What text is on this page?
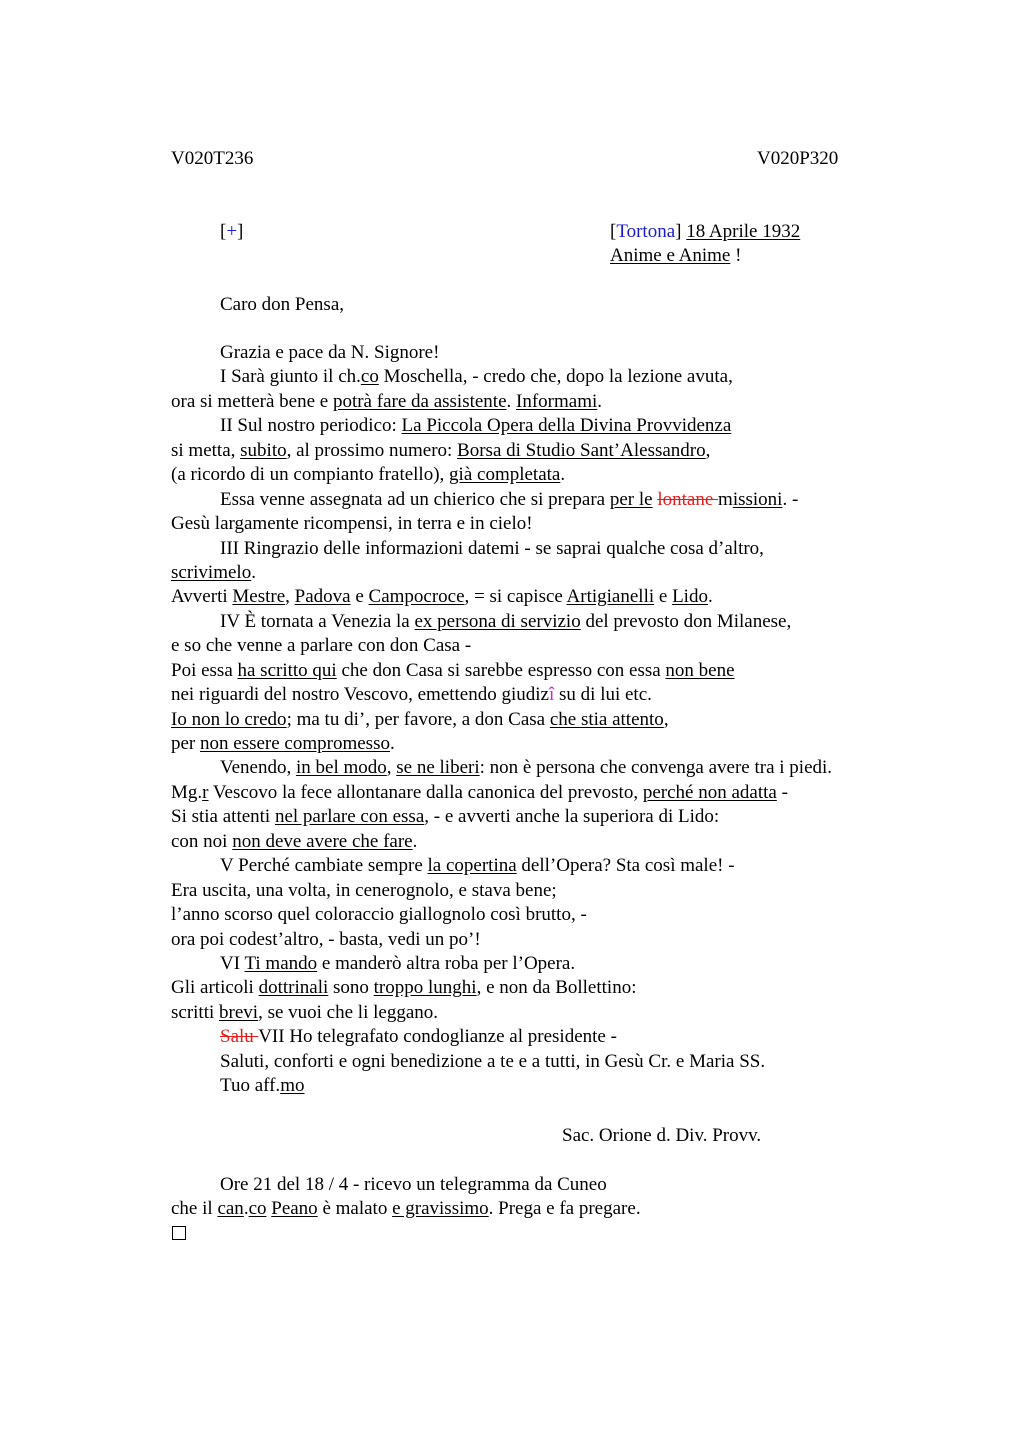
V020T236	V020P320
[+]	[Tortona] 18 Aprile 1932
Anime e Anime !
Caro don Pensa,
Grazia e pace da N. Signore!
I Sarà giunto il ch.co Moschella, - credo che, dopo la lezione avuta,
ora si metterà bene e potrà fare da assistente. Informami.
II Sul nostro periodico: La Piccola Opera della Divina Provvidenza
si metta, subito, al prossimo numero: Borsa di Studio Sant’Alessandro,
(a ricordo di un compianto fratello), già completata.
Essa venne assegnata ad un chierico che si prepara per le lontane missioni. -
Gesù largamente ricompensi, in terra e in cielo!
III Ringrazio delle informazioni datemi - se saprai qualche cosa d’altro,
scrivimelo.
Avverti Mestre, Padova e Campocroce, = si capisce Artigianelli e Lido.
IV È tornata a Venezia la ex persona di servizio del prevosto don Milanese,
e so che venne a parlare con don Casa -
Poi essa ha scritto qui che don Casa si sarebbe espresso con essa non bene
nei riguardi del nostro Vescovo, emettendo giudizî su di lui etc.
Io non lo credo; ma tu di’, per favore, a don Casa che stia attento,
per non essere compromesso.
Venendo, in bel modo, se ne liberi: non è persona che convenga avere tra i piedi.
Mg.r Vescovo la fece allontanare dalla canonica del prevosto, perché non adatta -
Si stia attenti nel parlare con essa, - e avverti anche la superiora di Lido:
con noi non deve avere che fare.
V Perché cambiate sempre la copertina dell’Opera? Sta così male! -
Era uscita, una volta, in cenerognolo, e stava bene;
l’anno scorso quel coloraccio giallognolo così brutto, -
ora poi codest’altro, - basta, vedi un po’!
VI Ti mando e manderò altra roba per l’Opera.
Gli articoli dottrinali sono troppo lunghi, e non da Bollettino:
scritti brevi, se vuoi che li leggano.
Salu VII Ho telegrafato condoglianze al presidente -
Saluti, conforti e ogni benedizione a te e a tutti, in Gesù Cr. e Maria SS.
Tuo aff.mo
Sac. Orione d. Div. Provv.
Ore 21 del 18 / 4 - ricevo un telegramma da Cuneo
che il can.co Peano è malato e gravissimo. Prega e fa pregare.
